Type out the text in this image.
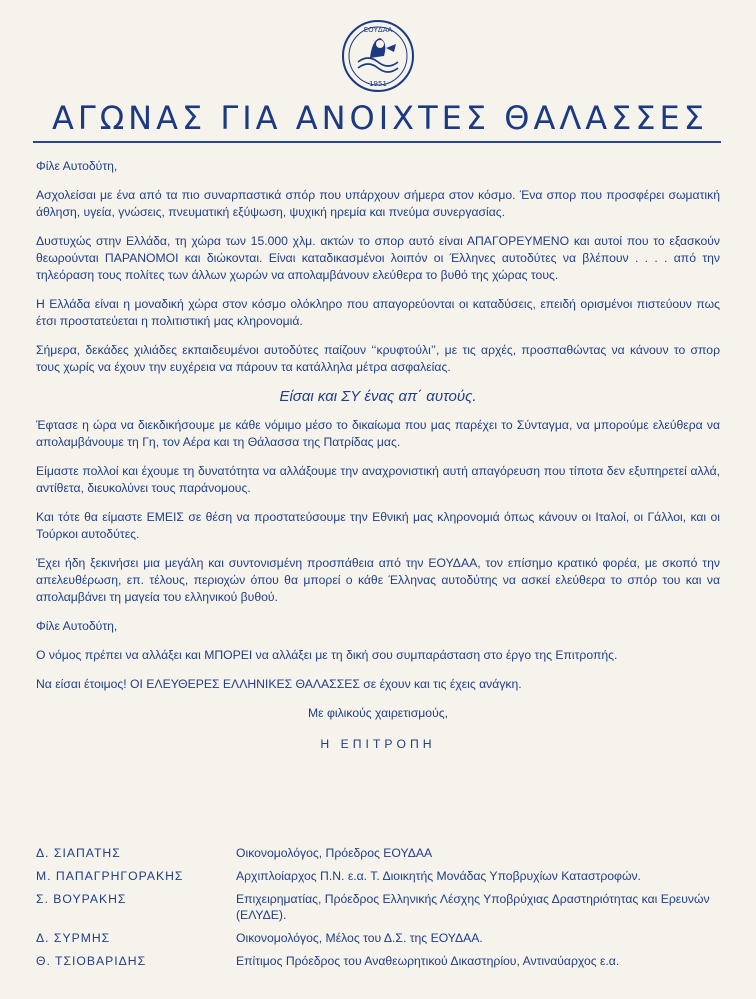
ΕΟΥΔΑΑ
1951
ΑΓΩΝΑΣ ΓΙΑ ΑΝΟΙΧΤΕΣ ΘΑΛΑΣΣΕΣ

Φίλε Αυτοδύτη,

Ασχολείσαι με ένα από τα πιο συναρπαστικά σπόρ που υπάρχουν σήμερα στον κόσμο. Ένα σπορ που προσφέρει σωματική άθληση, υγεία, γνώσεις, πνευματική εξύψωση, ψυχική ηρεμία και πνεύμα συνεργασίας.

Δυστυχώς στην Ελλάδα, τη χώρα των 15.000 χλμ. ακτών το σπορ αυτό είναι ΑΠΑΓΟΡΕΥΜΕΝΟ και αυτοί που το εξασκούν θεωρούνται ΠΑΡΑΝΟΜΟΙ και διώκονται. Είναι καταδικασμένοι λοιπόν οι Έλληνες αυτοδύτες να βλέπουν . . . . από την τηλεόραση τους πολίτες των άλλων χωρών να απολαμβάνουν ελεύθερα το βυθό της χώρας τους.

Η Ελλάδα είναι η μοναδική χώρα στον κόσμο ολόκληρο που απαγορεύονται οι καταδύσεις, επειδή ορισμένοι πιστεύουν πως έτσι προστατεύεται η πολιτιστική μας κληρονομιά.

Σήμερα, δεκάδες χιλιάδες εκπαιδευμένοι αυτοδύτες παίζουν ‘‘κρυφτούλι’’, με τις αρχές, προσπαθώντας να κάνουν το σπορ τους χωρίς να έχουν την ευχέρεια να πάρουν τα κατάλληλα μέτρα ασφαλείας.

Είσαι και ΣΥ ένας απ΄ αυτούς.

Έφτασε η ώρα να διεκδικήσουμε με κάθε νόμιμο μέσο το δικαίωμα που μας παρέχει το Σύνταγμα, να μπορούμε ελεύθερα να απολαμβάνουμε τη Γη, τον Αέρα και τη Θάλασσα της Πατρίδας μας.

Είμαστε πολλοί και έχουμε τη δυνατότητα να αλλάξουμε την αναχρονιστική αυτή απαγόρευση που τίποτα δεν εξυπηρετεί αλλά, αντίθετα, διευκολύνει τους παράνομους.

Και τότε θα είμαστε ΕΜΕΙΣ σε θέση να προστατεύσουμε την Εθνική μας κληρονομιά όπως κάνουν οι Ιταλοί, οι Γάλλοι, και οι Τούρκοι αυτοδύτες.

Έχει ήδη ξεκινήσει μια μεγάλη και συντονισμένη προσπάθεια από την ΕΟΥΔΑΑ, τον επίσημο κρατικό φορέα, με σκοπό την απελευθέρωση, επ. τέλους, περιοχών όπου θα μπορεί ο κάθε Έλληνας αυτοδύτης να ασκεί ελεύθερα το σπόρ του και να απολαμβάνει τη μαγεία του ελληνικού βυθού.

Φίλε Αυτοδύτη,

Ο νόμος πρέπει να αλλάξει και ΜΠΟΡΕΙ να αλλάξει με τη δική σου συμπαράσταση στο έργο της Επιτροπής.

Να είσαι έτοιμος! ΟΙ ΕΛΕΥΘΕΡΕΣ ΕΛΛΗΝΙΚΕΣ ΘΑΛΑΣΣΕΣ σε έχουν και τις έχεις ανάγκη.

Με φιλικούς χαιρετισμούς,

Η ΕΠΙΤΡΟΠΗ

Δ. ΣΙΑΠΑΤΗΣ	Οικονομολόγος, Πρόεδρος ΕΟΥΔΑΑ
Μ. ΠΑΠΑΓΡΗΓΟΡΑΚΗΣ	Αρχιπλοίαρχος Π.Ν. ε.α. Τ. Διοικητής Μονάδας Υποβρυχίων Καταστροφών.
Σ. ΒΟΥΡΑΚΗΣ	Επιχειρηματίας, Πρόεδρος Ελληνικής Λέσχης Υποβρύχιας Δραστηριότητας και Ερευνών (ΕΛΥΔΕ).
Δ. ΣΥΡΜΗΣ	Οικονομολόγος, Μέλος του Δ.Σ. της ΕΟΥΔΑΑ.
Θ. ΤΣΙΟΒΑΡΙΔΗΣ	Επίτιμος Πρόεδρος του Αναθεωρητικού Δικαστηρίου, Αντιναύαρχος ε.α.
